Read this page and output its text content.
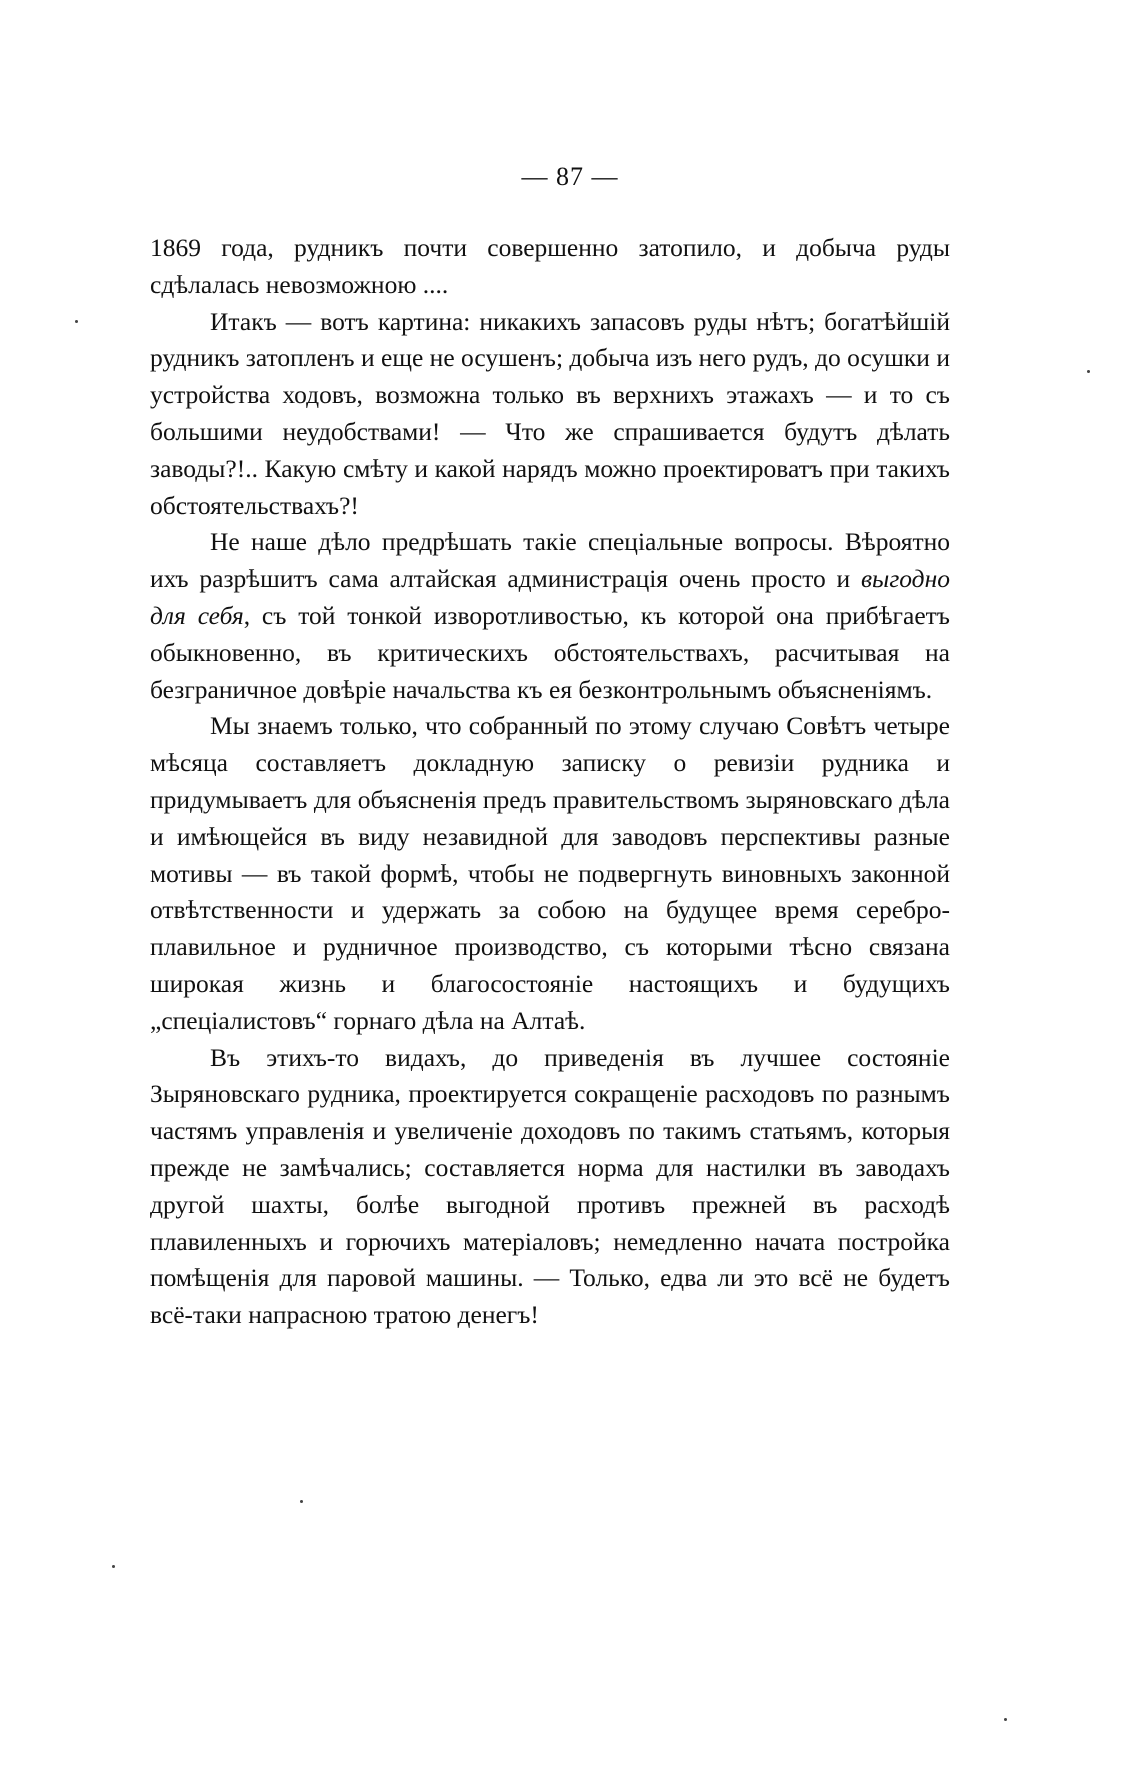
— 87 —

1869 года, рудникъ почти совершенно затопило, и добыча руды сдѣлалась невозможною ....

Итакъ — вотъ картина: никакихъ запасовъ руды нѣтъ; богатѣйшій рудникъ затопленъ и еще не осушенъ; добыча изъ него рудъ, до осушки и устройства ходовъ, возможна только въ верхнихъ этажахъ — и то съ большими неудобствами! — Что же спрашивается будутъ дѣлать заводы?!.. Какую смѣту и какой нарядъ можно проектироватъ при такихъ обстоятельствахъ?!

Не наше дѣло предрѣшать такіе спеціальные вопросы. Вѣроятно ихъ разрѣшитъ сама алтайская администрація очень просто и выгодно для себя, съ той тонкой изворотливостью, къ которой она прибѣгаетъ обыкновенно, въ критическихъ обстоятельствахъ, расчитывая на безграничное довѣріе начальства къ ея безконтрольнымъ объясненіямъ.

Мы знаемъ только, что собранный по этому случаю Совѣтъ четыре мѣсяца составляетъ докладную записку о ревизіи рудника и придумываетъ для объясненія предъ правительствомъ зыряновскаго дѣла и имѣющейся въ виду незавидной для заводовъ перспективы разные мотивы — въ такой формѣ, чтобы не подвергнуть виновныхъ законной отвѣтственности и удержать за собою на будущее время серебро-плавильное и рудничное производство, съ которыми тѣсно связана широкая жизнь и благосостояніе настоящихъ и будущихъ „спеціалистовъ“ горнаго дѣла на Алтаѣ.

Въ этихъ-то видахъ, до приведенія въ лучшее состояніе Зыряновскаго рудника, проектируется сокращеніе расходовъ по разнымъ частямъ управленія и увеличеніе доходовъ по такимъ статьямъ, которыя прежде не замѣчались; составляется норма для настилки въ заводахъ другой шахты, болѣе выгодной противъ прежней въ расходѣ плавиленныхъ и горючихъ матеріаловъ; немедленно начата постройка помѣщенія для паровой машины. — Только, едва ли это всё не будетъ всё-таки напрасною тратою денегъ!
